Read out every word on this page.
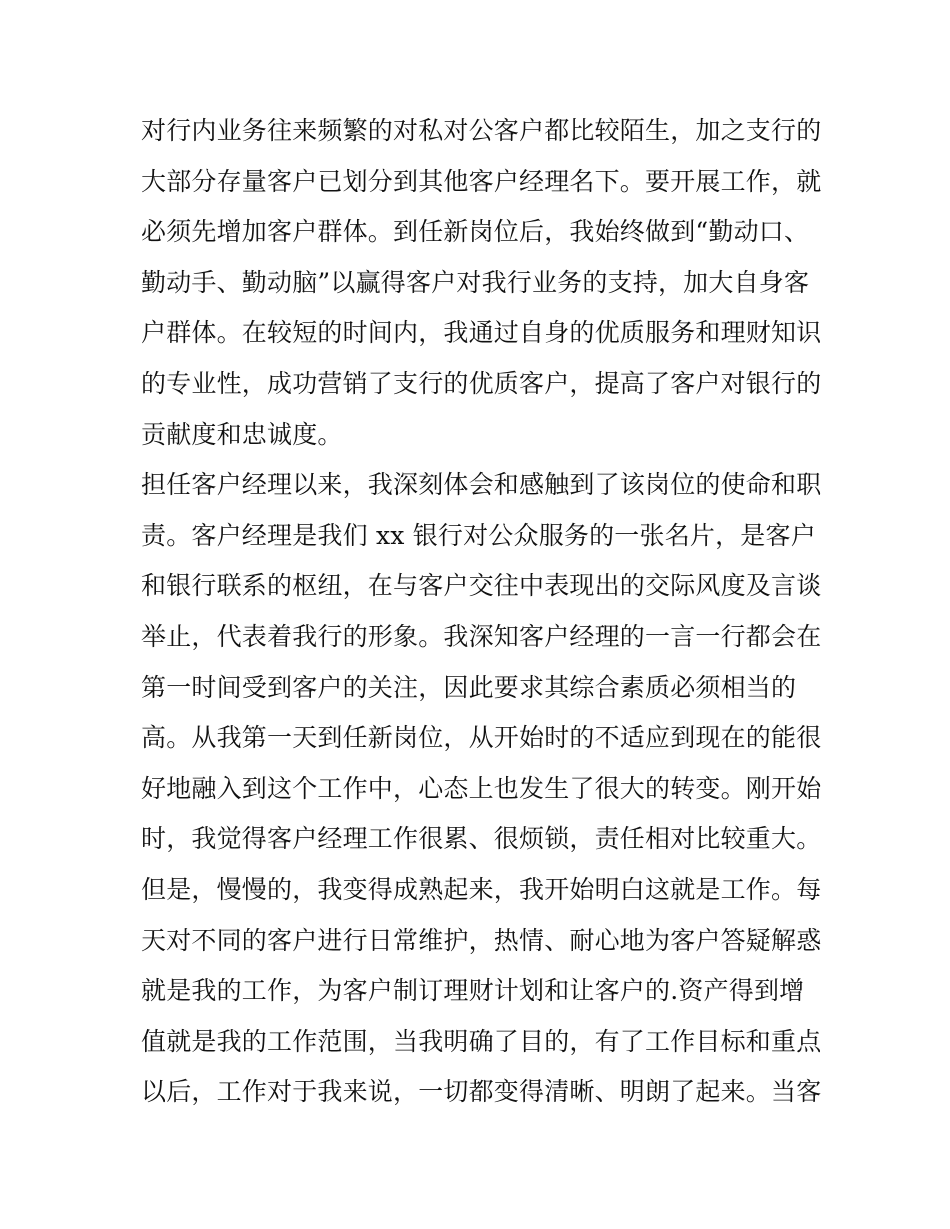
对行内业务往来频繁的对私对公客户都比较陌生，加之支行的
大部分存量客户已划分到其他客户经理名下。要开展工作，就
必须先增加客户群体。到任新岗位后，我始终做到“勤动口、
勤动手、勤动脑”以赢得客户对我行业务的支持，加大自身客
户群体。在较短的时间内，我通过自身的优质服务和理财知识
的专业性，成功营销了支行的优质客户，提高了客户对银行的
贡献度和忠诚度。
担任客户经理以来，我深刻体会和感触到了该岗位的使命和职
责。客户经理是我们 xx 银行对公众服务的一张名片，是客户
和银行联系的枢纽，在与客户交往中表现出的交际风度及言谈
举止，代表着我行的形象。我深知客户经理的一言一行都会在
第一时间受到客户的关注，因此要求其综合素质必须相当的
高。从我第一天到任新岗位，从开始时的不适应到现在的能很
好地融入到这个工作中，心态上也发生了很大的转变。刚开始
时，我觉得客户经理工作很累、很烦锁，责任相对比较重大。
但是，慢慢的，我变得成熟起来，我开始明白这就是工作。每
天对不同的客户进行日常维护，热情、耐心地为客户答疑解惑
就是我的工作，为客户制订理财计划和让客户的.资产得到增
值就是我的工作范围，当我明确了目的，有了工作目标和重点
以后，工作对于我来说，一切都变得清晰、明朗了起来。当客
